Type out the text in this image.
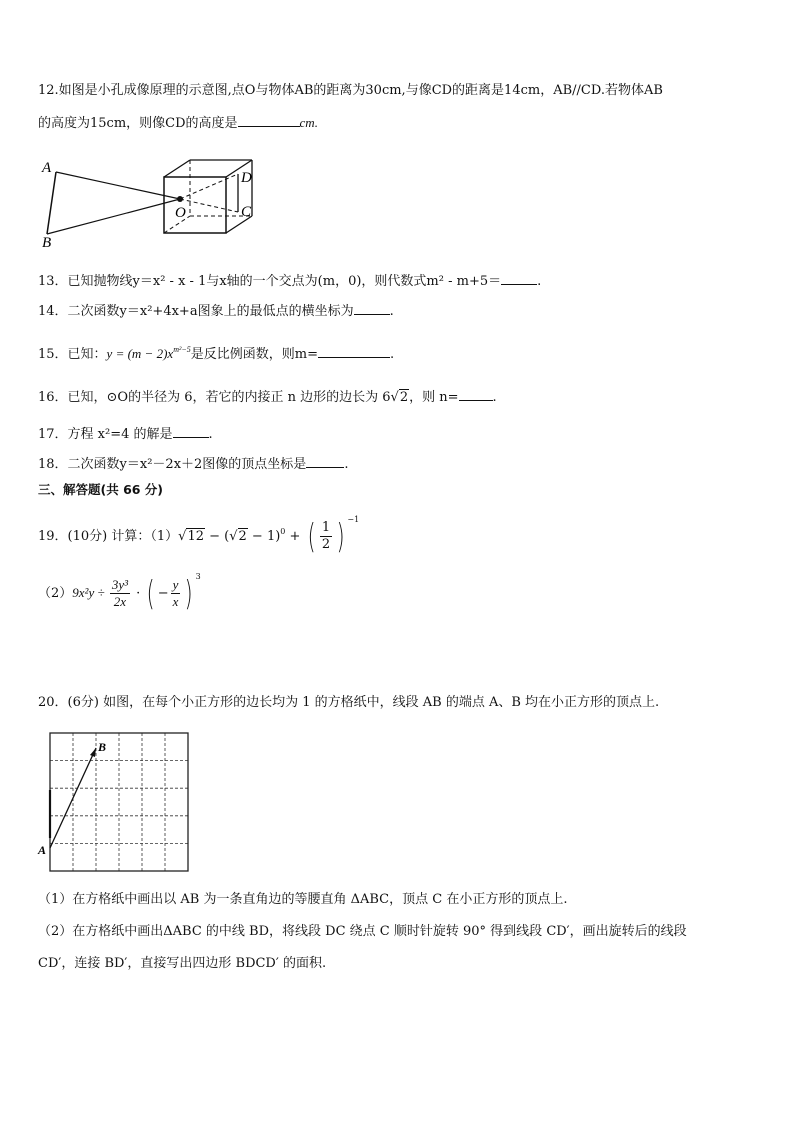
12.如图是小孔成像原理的示意图,点O与物体AB的距离为30cm,与像CD的距离是14cm，AB//CD.若物体AB
的高度为15cm，则像CD的高度是	cm.
A
B
O
D
C
13．已知抛物线y＝x² - x - 1与x轴的一个交点为(m，0)，则代数式m² - m+5＝	.
14．二次函数y＝x²+4x+a图象上的最低点的横坐标为	.
15．已知：$y = (m - 2)x^{m^2-5}$是反比例函数，则m=	.
16．已知，⊙O的半径为 6，若它的内接正 n 边形的边长为 6√2，则 n=	.
17．方程 x²=4 的解是	.
18．二次函数y＝x²－2x＋2图像的顶点坐标是	.
三、解答题(共 66 分)
19．(10分) 计算：$(1)√12 - (√2 - 1)^0$ + ( $\frac{1}{2}$ ) $^{-1}$
$(2)9x^2y \div \frac{\text{3y³}}{2x}$ · ( − $\frac{y}{x}$ ) $^3$
20．(6分) 如图，在每个小正方形的边长均为 1 的方格纸中，线段 AB 的端点 A、B 均在小正方形的顶点上.
A
B
（1）在方格纸中画出以 AB 为一条直角边的等腰直角 ΔABC，顶点 C 在小正方形的顶点上.
（2）在方格纸中画出ΔABC 的中线 BD，将线段 DC 绕点 C 顺时针旋转 90° 得到线段 CD′，画出旋转后的线段
CD′，连接 BD′，直接写出四边形 BDCD′ 的面积.
